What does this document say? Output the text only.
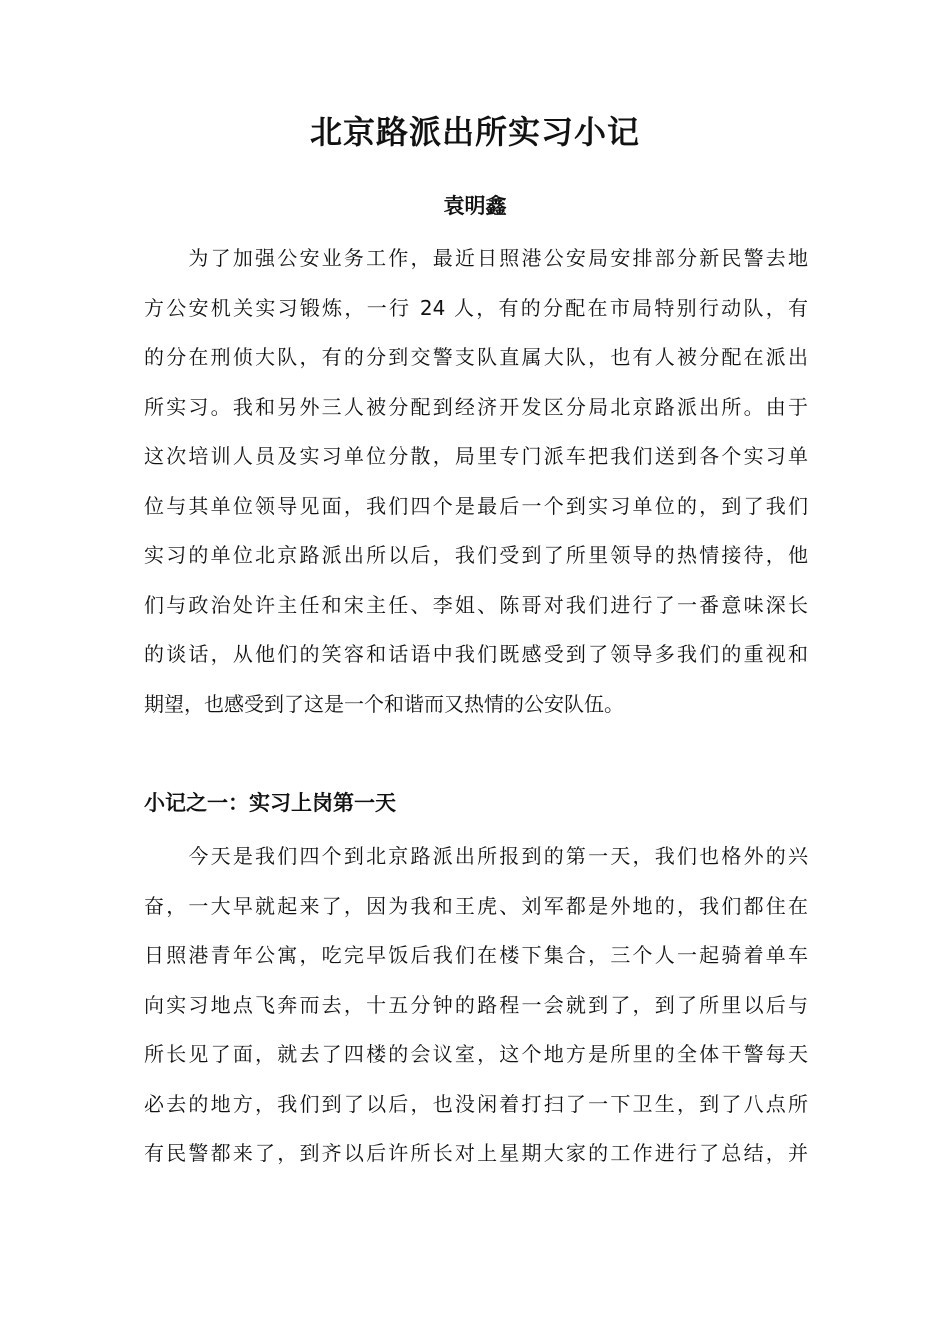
北京路派出所实习小记
袁明鑫
　　为了加强公安业务工作，最近日照港公安局安排部分新民警去地
方公安机关实习锻炼，一行 24 人，有的分配在市局特别行动队，有
的分在刑侦大队，有的分到交警支队直属大队，也有人被分配在派出
所实习。我和另外三人被分配到经济开发区分局北京路派出所。由于
这次培训人员及实习单位分散，局里专门派车把我们送到各个实习单
位与其单位领导见面，我们四个是最后一个到实习单位的，到了我们
实习的单位北京路派出所以后，我们受到了所里领导的热情接待，他
们与政治处许主任和宋主任、李姐、陈哥对我们进行了一番意味深长
的谈话，从他们的笑容和话语中我们既感受到了领导多我们的重视和
期望，也感受到了这是一个和谐而又热情的公安队伍。
小记之一：实习上岗第一天
　　今天是我们四个到北京路派出所报到的第一天，我们也格外的兴
奋，一大早就起来了，因为我和王虎、刘军都是外地的，我们都住在
日照港青年公寓，吃完早饭后我们在楼下集合，三个人一起骑着单车
向实习地点飞奔而去，十五分钟的路程一会就到了，到了所里以后与
所长见了面，就去了四楼的会议室，这个地方是所里的全体干警每天
必去的地方，我们到了以后，也没闲着打扫了一下卫生，到了八点所
有民警都来了，到齐以后许所长对上星期大家的工作进行了总结，并
